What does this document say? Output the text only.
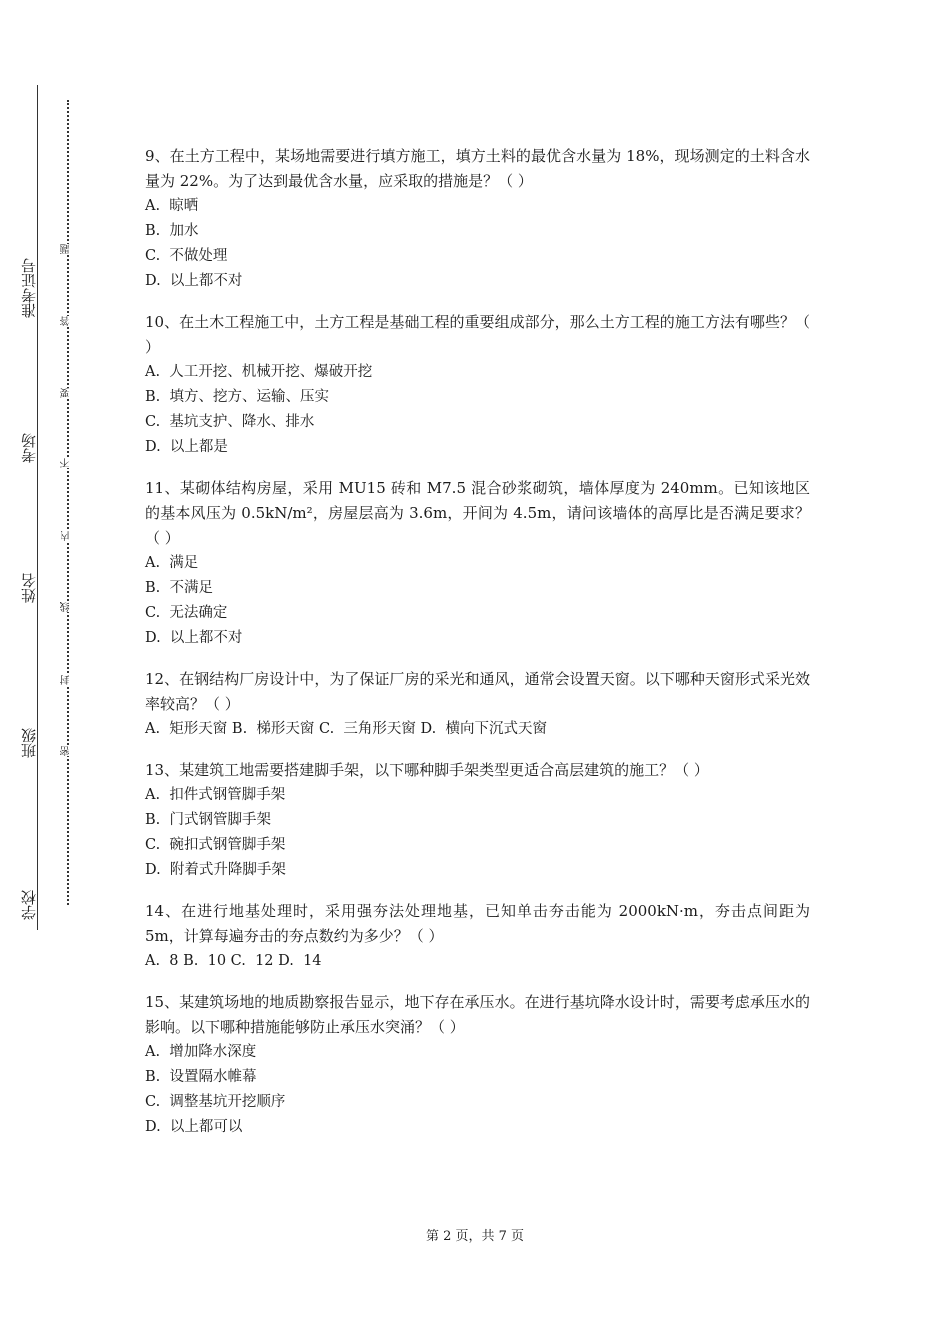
准考证号
考场
姓名
班级
学校
题
答
要
不
内
线
封
密
9、在土方工程中，某场地需要进行填方施工，填方土料的最优含水量为 18%，现场测定的土料含水量为 22%。为了达到最优含水量，应采取的措施是？（ ）
A.  晾晒
B.  加水
C.  不做处理
D.  以上都不对
10、在土木工程施工中，土方工程是基础工程的重要组成部分，那么土方工程的施工方法有哪些？（ ）
A.  人工开挖、机械开挖、爆破开挖
B.  填方、挖方、运输、压实
C.  基坑支护、降水、排水
D.  以上都是
11、某砌体结构房屋，采用 MU15 砖和 M7.5 混合砂浆砌筑，墙体厚度为 240mm。已知该地区的基本风压为 0.5kN/m²，房屋层高为 3.6m，开间为 4.5m，请问该墙体的高厚比是否满足要求？（ ）
A.  满足
B.  不满足
C.  无法确定
D.  以上都不对
12、在钢结构厂房设计中，为了保证厂房的采光和通风，通常会设置天窗。以下哪种天窗形式采光效率较高？（ ）
A.  矩形天窗 B.  梯形天窗 C.  三角形天窗 D.  横向下沉式天窗
13、某建筑工地需要搭建脚手架，以下哪种脚手架类型更适合高层建筑的施工？（ ）
A.  扣件式钢管脚手架
B.  门式钢管脚手架
C.  碗扣式钢管脚手架
D.  附着式升降脚手架
14、在进行地基处理时，采用强夯法处理地基，已知单击夯击能为 2000kN·m，夯击点间距为 5m，计算每遍夯击的夯点数约为多少？（ ）
A.  8 B.  10 C.  12 D.  14
15、某建筑场地的地质勘察报告显示，地下存在承压水。在进行基坑降水设计时，需要考虑承压水的影响。以下哪种措施能够防止承压水突涌？（ ）
A.  增加降水深度
B.  设置隔水帷幕
C.  调整基坑开挖顺序
D.  以上都可以
第 2 页，共 7 页
